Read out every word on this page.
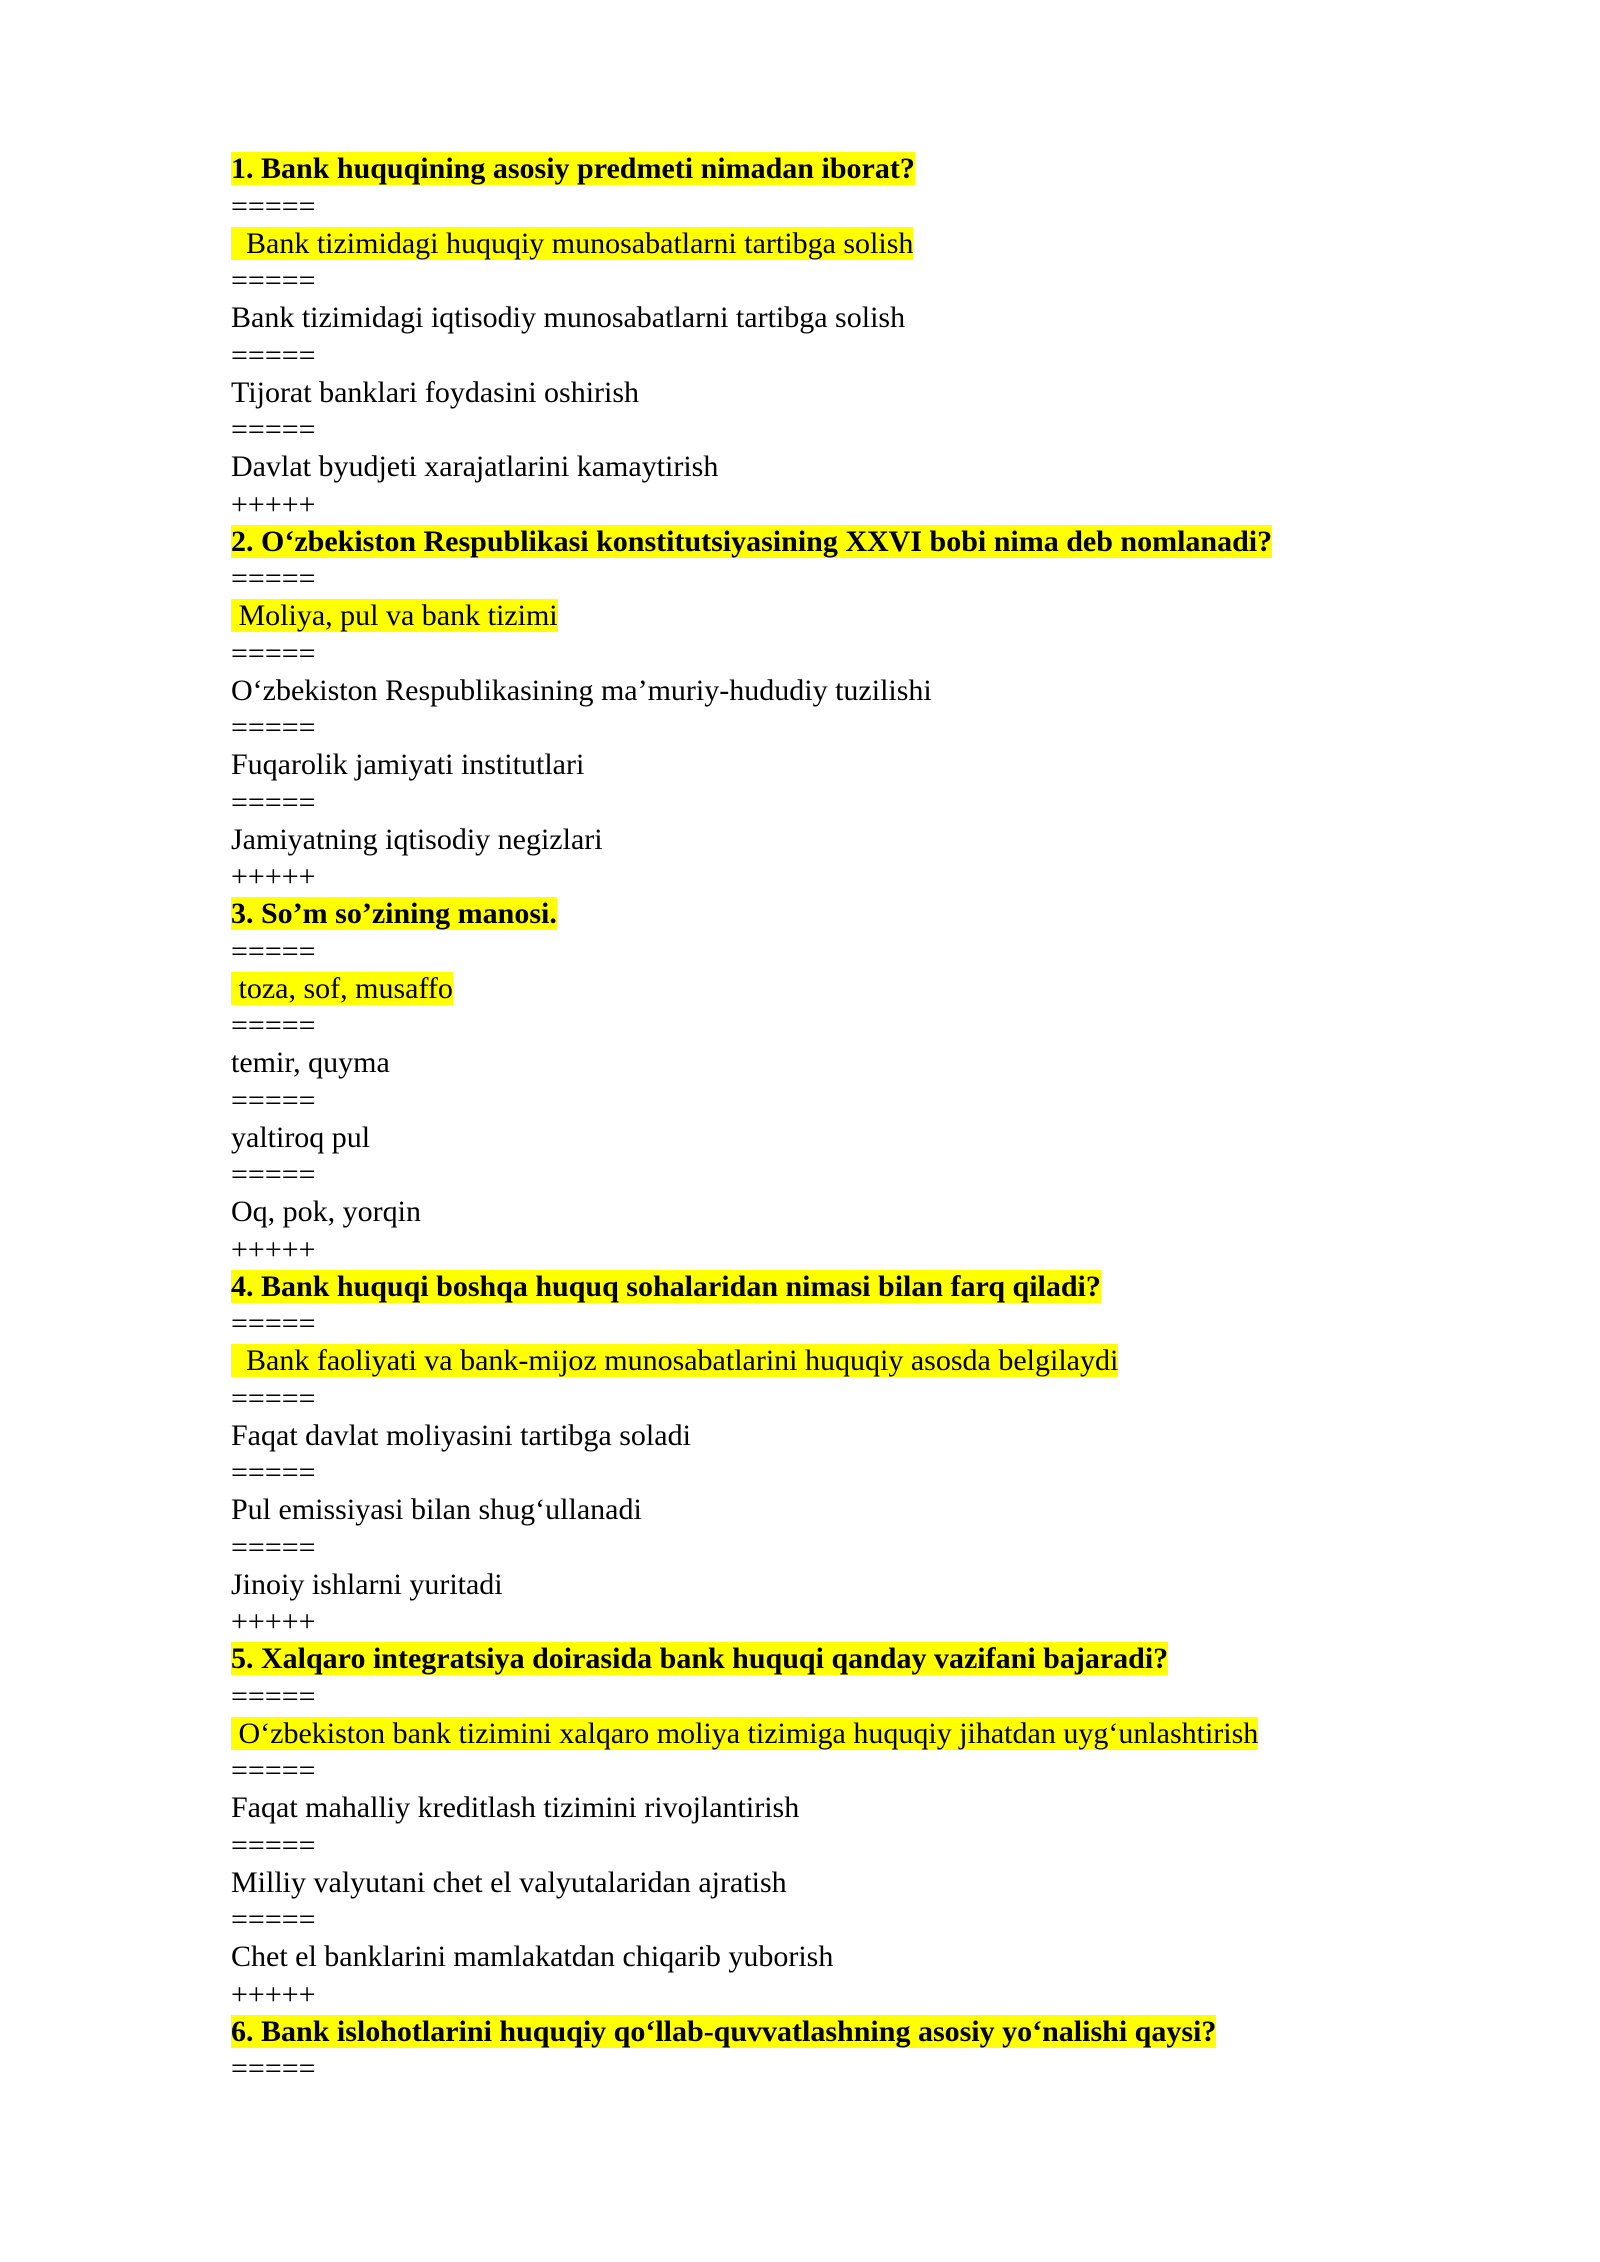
1. Bank huquqining asosiy predmeti nimadan iborat?
=====
Bank tizimidagi huquqiy munosabatlarni tartibga solish
=====
Bank tizimidagi iqtisodiy munosabatlarni tartibga solish
=====
Tijorat banklari foydasini oshirish
=====
Davlat byudjeti xarajatlarini kamaytirish
+++++
2. O‘zbekiston Respublikasi konstitutsiyasining XXVI bobi nima deb nomlanadi?
=====
Moliya, pul va bank tizimi
=====
O‘zbekiston Respublikasining ma’muriy-hududiy tuzilishi
=====
Fuqarolik jamiyati institutlari
=====
Jamiyatning iqtisodiy negizlari
+++++
3. So’m so’zining manosi.
=====
toza, sof, musaffo
=====
temir, quyma
=====
yaltiroq pul
=====
Oq, pok, yorqin
+++++
4. Bank huquqi boshqa huquq sohalaridan nimasi bilan farq qiladi?
=====
Bank faoliyati va bank-mijoz munosabatlarini huquqiy asosda belgilaydi
=====
Faqat davlat moliyasini tartibga soladi
=====
Pul emissiyasi bilan shug‘ullanadi
=====
Jinoiy ishlarni yuritadi
+++++
5. Xalqaro integratsiya doirasida bank huquqi qanday vazifani bajaradi?
=====
O‘zbekiston bank tizimini xalqaro moliya tizimiga huquqiy jihatdan uyg‘unlashtirish
=====
Faqat mahalliy kreditlash tizimini rivojlantirish
=====
Milliy valyutani chet el valyutalaridan ajratish
=====
Chet el banklarini mamlakatdan chiqarib yuborish
+++++
6. Bank islohotlarini huquqiy qo‘llab-quvvatlashning asosiy yo‘nalishi qaysi?
=====
